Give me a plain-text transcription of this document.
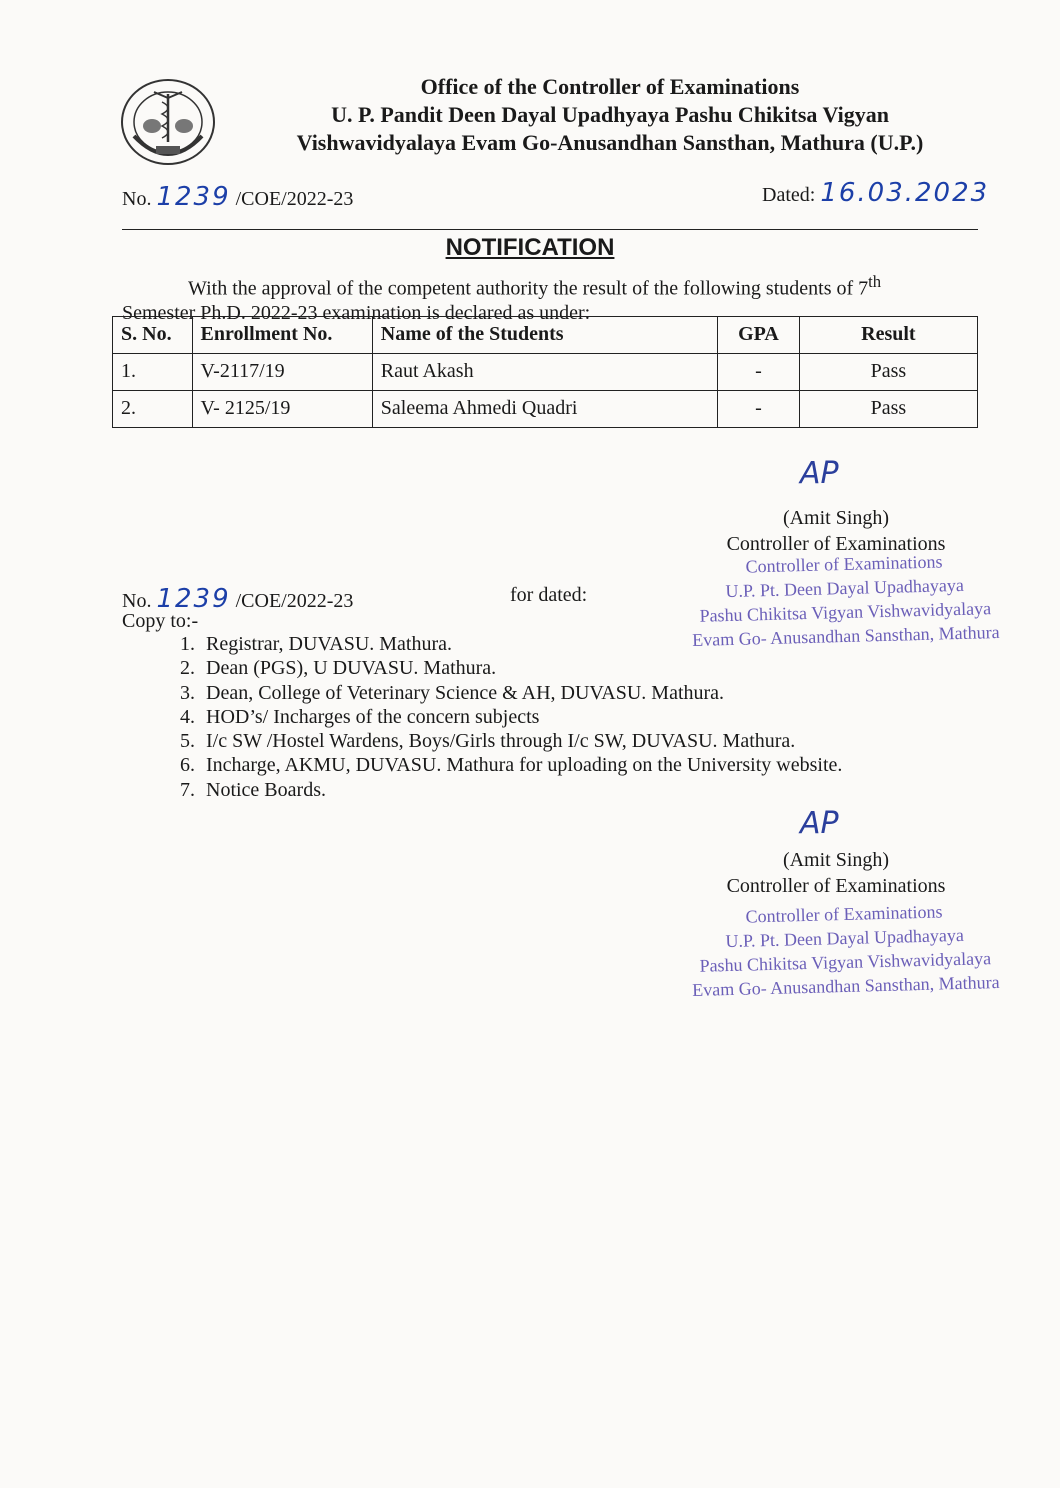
Office of the Controller of Examinations
U. P. Pandit Deen Dayal Upadhyaya Pashu Chikitsa Vigyan
Vishwavidyalaya Evam Go-Anusandhan Sansthan, Mathura (U.P.)
No. 1239 /COE/2022-23	Dated: 16.03.2023
NOTIFICATION
With the approval of the competent authority the result of the following students of 7th
Semester Ph.D. 2022-23 examination is declared as under:
S. No.	Enrollment No.	Name of the Students	GPA	Result
1.	V-2117/19	Raut Akash	-	Pass
2.	V- 2125/19	Saleema Ahmedi Quadri	-	Pass
AP
(Amit Singh)
Controller of Examinations
Controller of Examinations
U.P. Pt. Deen Dayal Upadhayaya
Pashu Chikitsa Vigyan Vishwavidyalaya
Evam Go- Anusandhan Sansthan, Mathura
No. 1239 /COE/2022-23	for dated:
Copy to:-
1. Registrar, DUVASU. Mathura.
2. Dean (PGS), U DUVASU. Mathura.
3. Dean, College of Veterinary Science & AH, DUVASU. Mathura.
4. HOD’s/ Incharges of the concern subjects
5. I/c SW /Hostel Wardens, Boys/Girls through I/c SW, DUVASU. Mathura.
6. Incharge, AKMU, DUVASU. Mathura for uploading on the University website.
7. Notice Boards.
AP
(Amit Singh)
Controller of Examinations
Controller of Examinations
U.P. Pt. Deen Dayal Upadhayaya
Pashu Chikitsa Vigyan Vishwavidyalaya
Evam Go- Anusandhan Sansthan, Mathura
